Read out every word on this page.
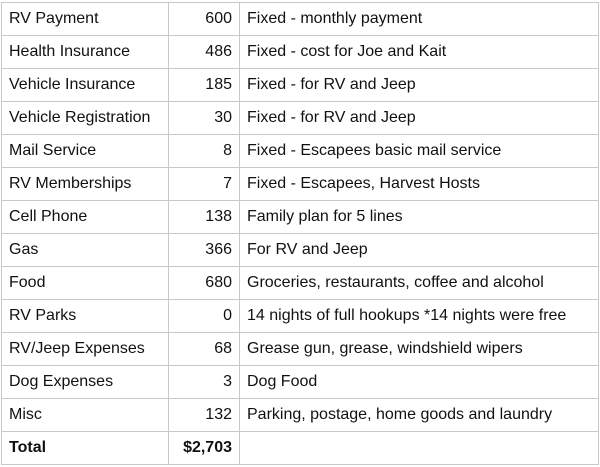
RV Payment	600	Fixed - monthly payment
Health Insurance	486	Fixed - cost for Joe and Kait
Vehicle Insurance	185	Fixed - for RV and Jeep
Vehicle Registration	30	Fixed - for RV and Jeep
Mail Service	8	Fixed - Escapees basic mail service
RV Memberships	7	Fixed - Escapees, Harvest Hosts
Cell Phone	138	Family plan for 5 lines
Gas	366	For RV and Jeep
Food	680	Groceries, restaurants, coffee and alcohol
RV Parks	0	14 nights of full hookups *14 nights were free
RV/Jeep Expenses	68	Grease gun, grease, windshield wipers
Dog Expenses	3	Dog Food
Misc	132	Parking, postage, home goods and laundry
Total	$2,703	
